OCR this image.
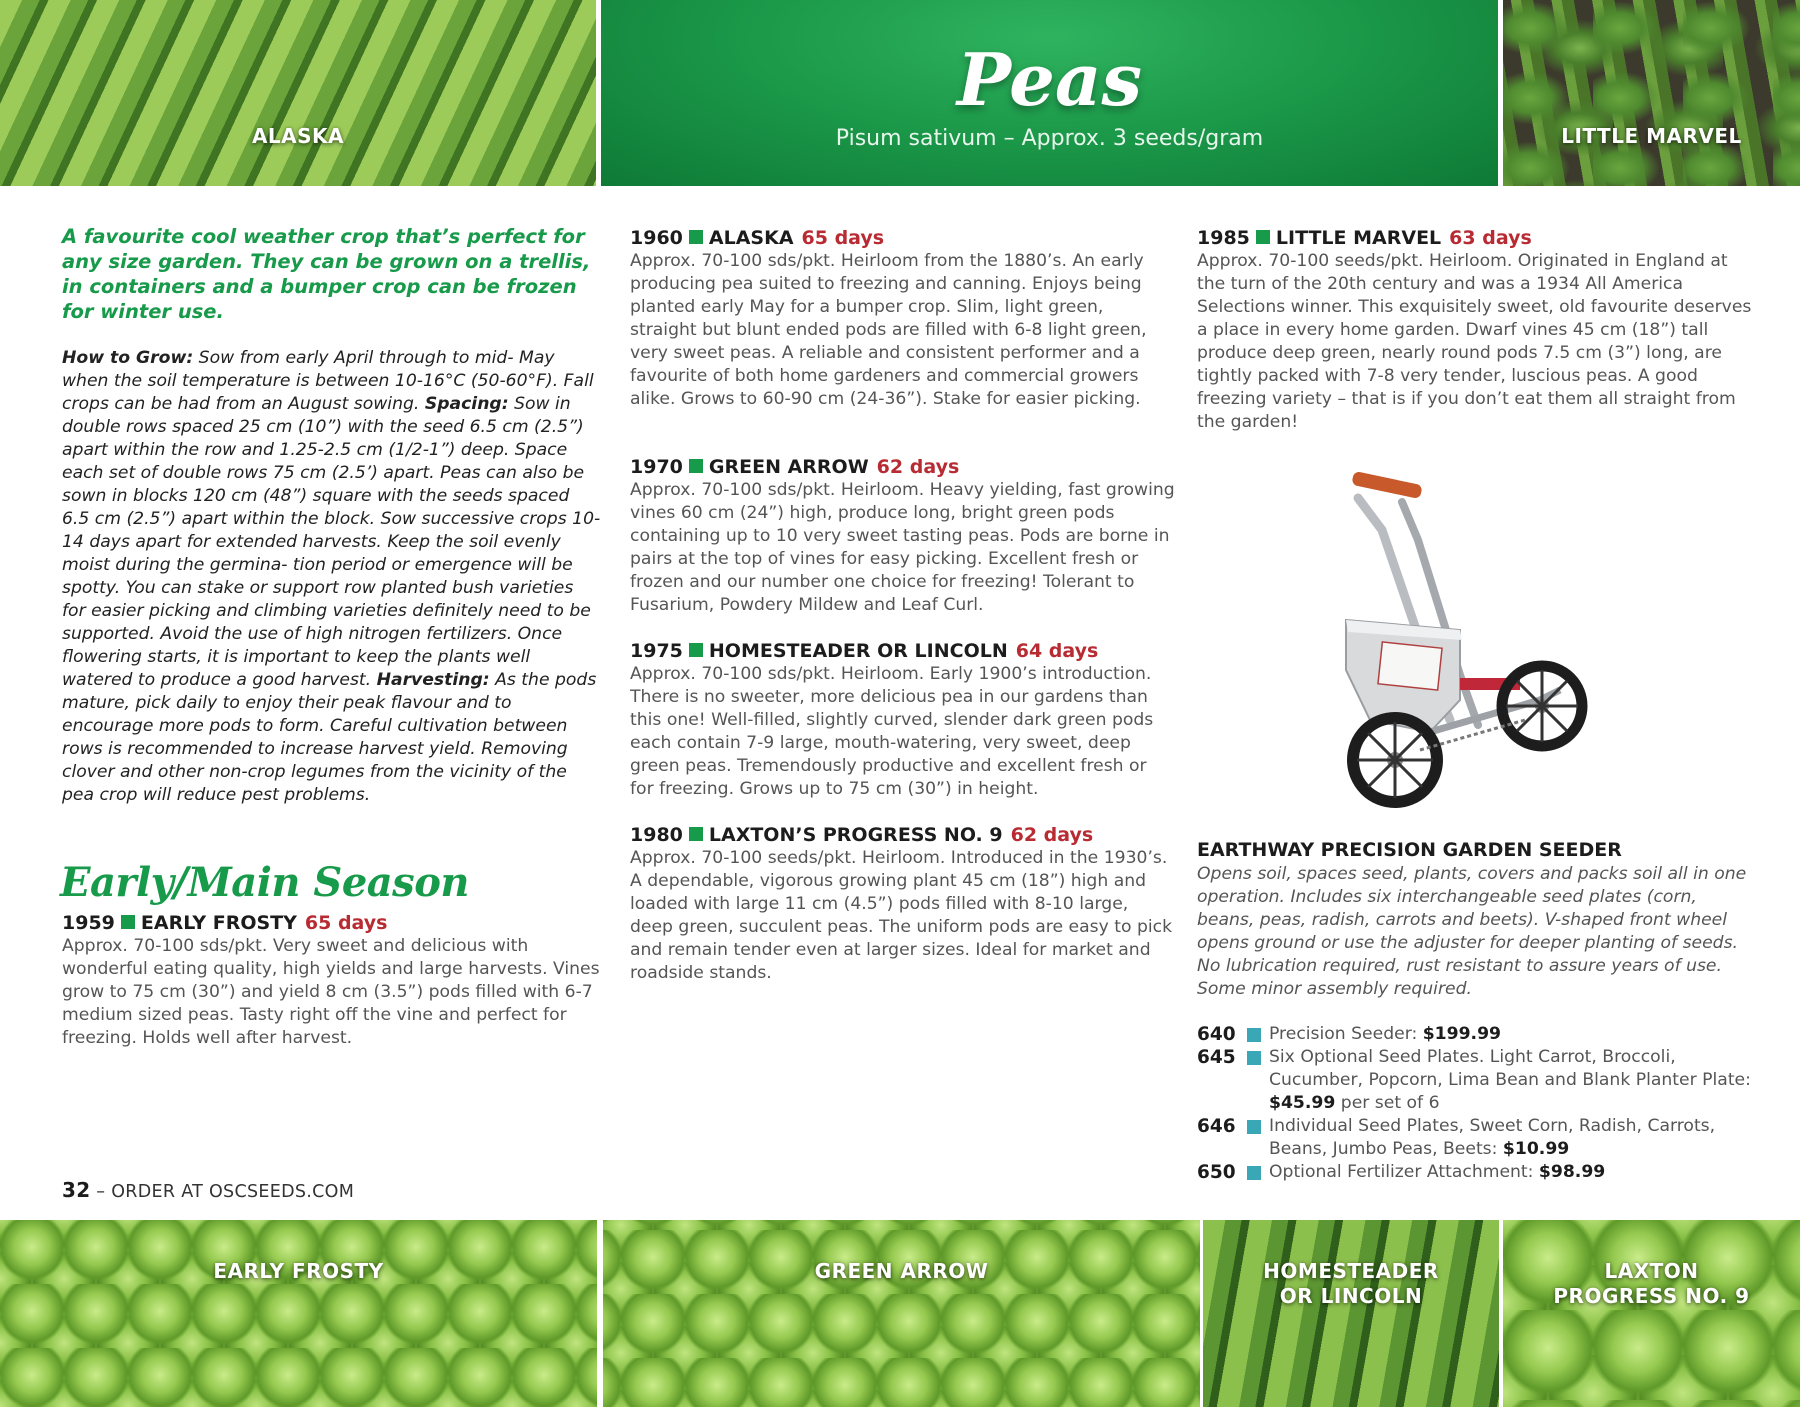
ALASKA
Peas
Pisum sativum – Approx. 3 seeds/gram	LITTLE MARVEL
A favourite cool weather crop that’s perfect for any size garden. They can be grown on a trellis, in containers and a bumper crop can be frozen for winter use.
How to Grow: Sow from early April through to mid- May when the soil temperature is between 10-16°C (50-60°F). Fall crops can be had from an August sowing. Spacing: Sow in double rows spaced 25 cm (10”) with the seed 6.5 cm (2.5”) apart within the row and 1.25-2.5 cm (1/2-1”) deep. Space each set of double rows 75 cm (2.5’) apart. Peas can also be sown in blocks 120 cm (48”) square with the seeds spaced 6.5 cm (2.5”) apart within the block. Sow successive crops 10-14 days apart for extended harvests. Keep the soil evenly moist during the germina- tion period or emergence will be spotty. You can stake or support row planted bush varieties for easier picking and climbing varieties definitely need to be supported. Avoid the use of high nitrogen fertilizers. Once flowering starts, it is important to keep the plants well watered to produce a good harvest. Harvesting: As the pods mature, pick daily to enjoy their peak flavour and to encourage more pods to form. Careful cultivation between rows is recommended to increase harvest yield. Removing clover and other non-crop legumes from the vicinity of the pea crop will reduce pest problems.
Early/Main Season
1959 EARLY FROSTY 65 days
Approx. 70-100 sds/pkt. Very sweet and delicious with wonderful eating quality, high yields and large harvests. Vines grow to 75 cm (30”) and yield 8 cm (3.5”) pods filled with 6-7 medium sized peas. Tasty right off the vine and perfect for freezing. Holds well after harvest.
1960 ALASKA 65 days
Approx. 70-100 sds/pkt. Heirloom from the 1880’s. An early producing pea suited to freezing and canning. Enjoys being planted early May for a bumper crop. Slim, light green, straight but blunt ended pods are filled with 6-8 light green, very sweet peas. A reliable and consistent performer and a favourite of both home gardeners and commercial growers alike. Grows to 60-90 cm (24-36”). Stake for easier picking.
1970 GREEN ARROW 62 days
Approx. 70-100 sds/pkt. Heirloom. Heavy yielding, fast growing vines 60 cm (24”) high, produce long, bright green pods containing up to 10 very sweet tasting peas. Pods are borne in pairs at the top of vines for easy picking. Excellent fresh or frozen and our number one choice for freezing! Tolerant to Fusarium, Powdery Mildew and Leaf Curl.
1975 HOMESTEADER OR LINCOLN 64 days
Approx. 70-100 sds/pkt. Heirloom. Early 1900’s introduction. There is no sweeter, more delicious pea in our gardens than this one! Well-filled, slightly curved, slender dark green pods each contain 7-9 large, mouth-watering, very sweet, deep green peas. Tremendously productive and excellent fresh or for freezing. Grows up to 75 cm (30”) in height.
1980 LAXTON’S PROGRESS NO. 9 62 days
Approx. 70-100 seeds/pkt. Heirloom. Introduced in the 1930’s. A dependable, vigorous growing plant 45 cm (18”) high and loaded with large 11 cm (4.5”) pods filled with 8-10 large, deep green, succulent peas. The uniform pods are easy to pick and remain tender even at larger sizes. Ideal for market and roadside stands.
1985 LITTLE MARVEL 63 days
Approx. 70-100 seeds/pkt. Heirloom. Originated in England at the turn of the 20th century and was a 1934 All America Selections winner. This exquisitely sweet, old favourite deserves a place in every home garden. Dwarf vines 45 cm (18”) tall produce deep green, nearly round pods 7.5 cm (3”) long, are tightly packed with 7-8 very tender, luscious peas. A good freezing variety – that is if you don’t eat them all straight from the garden!
EARTHWAY PRECISION GARDEN SEEDER
Opens soil, spaces seed, plants, covers and packs soil all in one operation. Includes six interchangeable seed plates (corn, beans, peas, radish, carrots and beets). V-shaped front wheel opens ground or use the adjuster for deeper planting of seeds. No lubrication required, rust resistant to assure years of use. Some minor assembly required.
640 Precision Seeder: $199.99
645 Six Optional Seed Plates. Light Carrot, Broccoli, Cucumber, Popcorn, Lima Bean and Blank Planter Plate: $45.99 per set of 6
646 Individual Seed Plates, Sweet Corn, Radish, Carrots, Beans, Jumbo Peas, Beets: $10.99
650 Optional Fertilizer Attachment: $98.99
32 – ORDER AT OSCSEEDS.COM
EARLY FROSTY	GREEN ARROW	HOMESTEADER
OR LINCOLN
LAXTON
PROGRESS NO. 9
